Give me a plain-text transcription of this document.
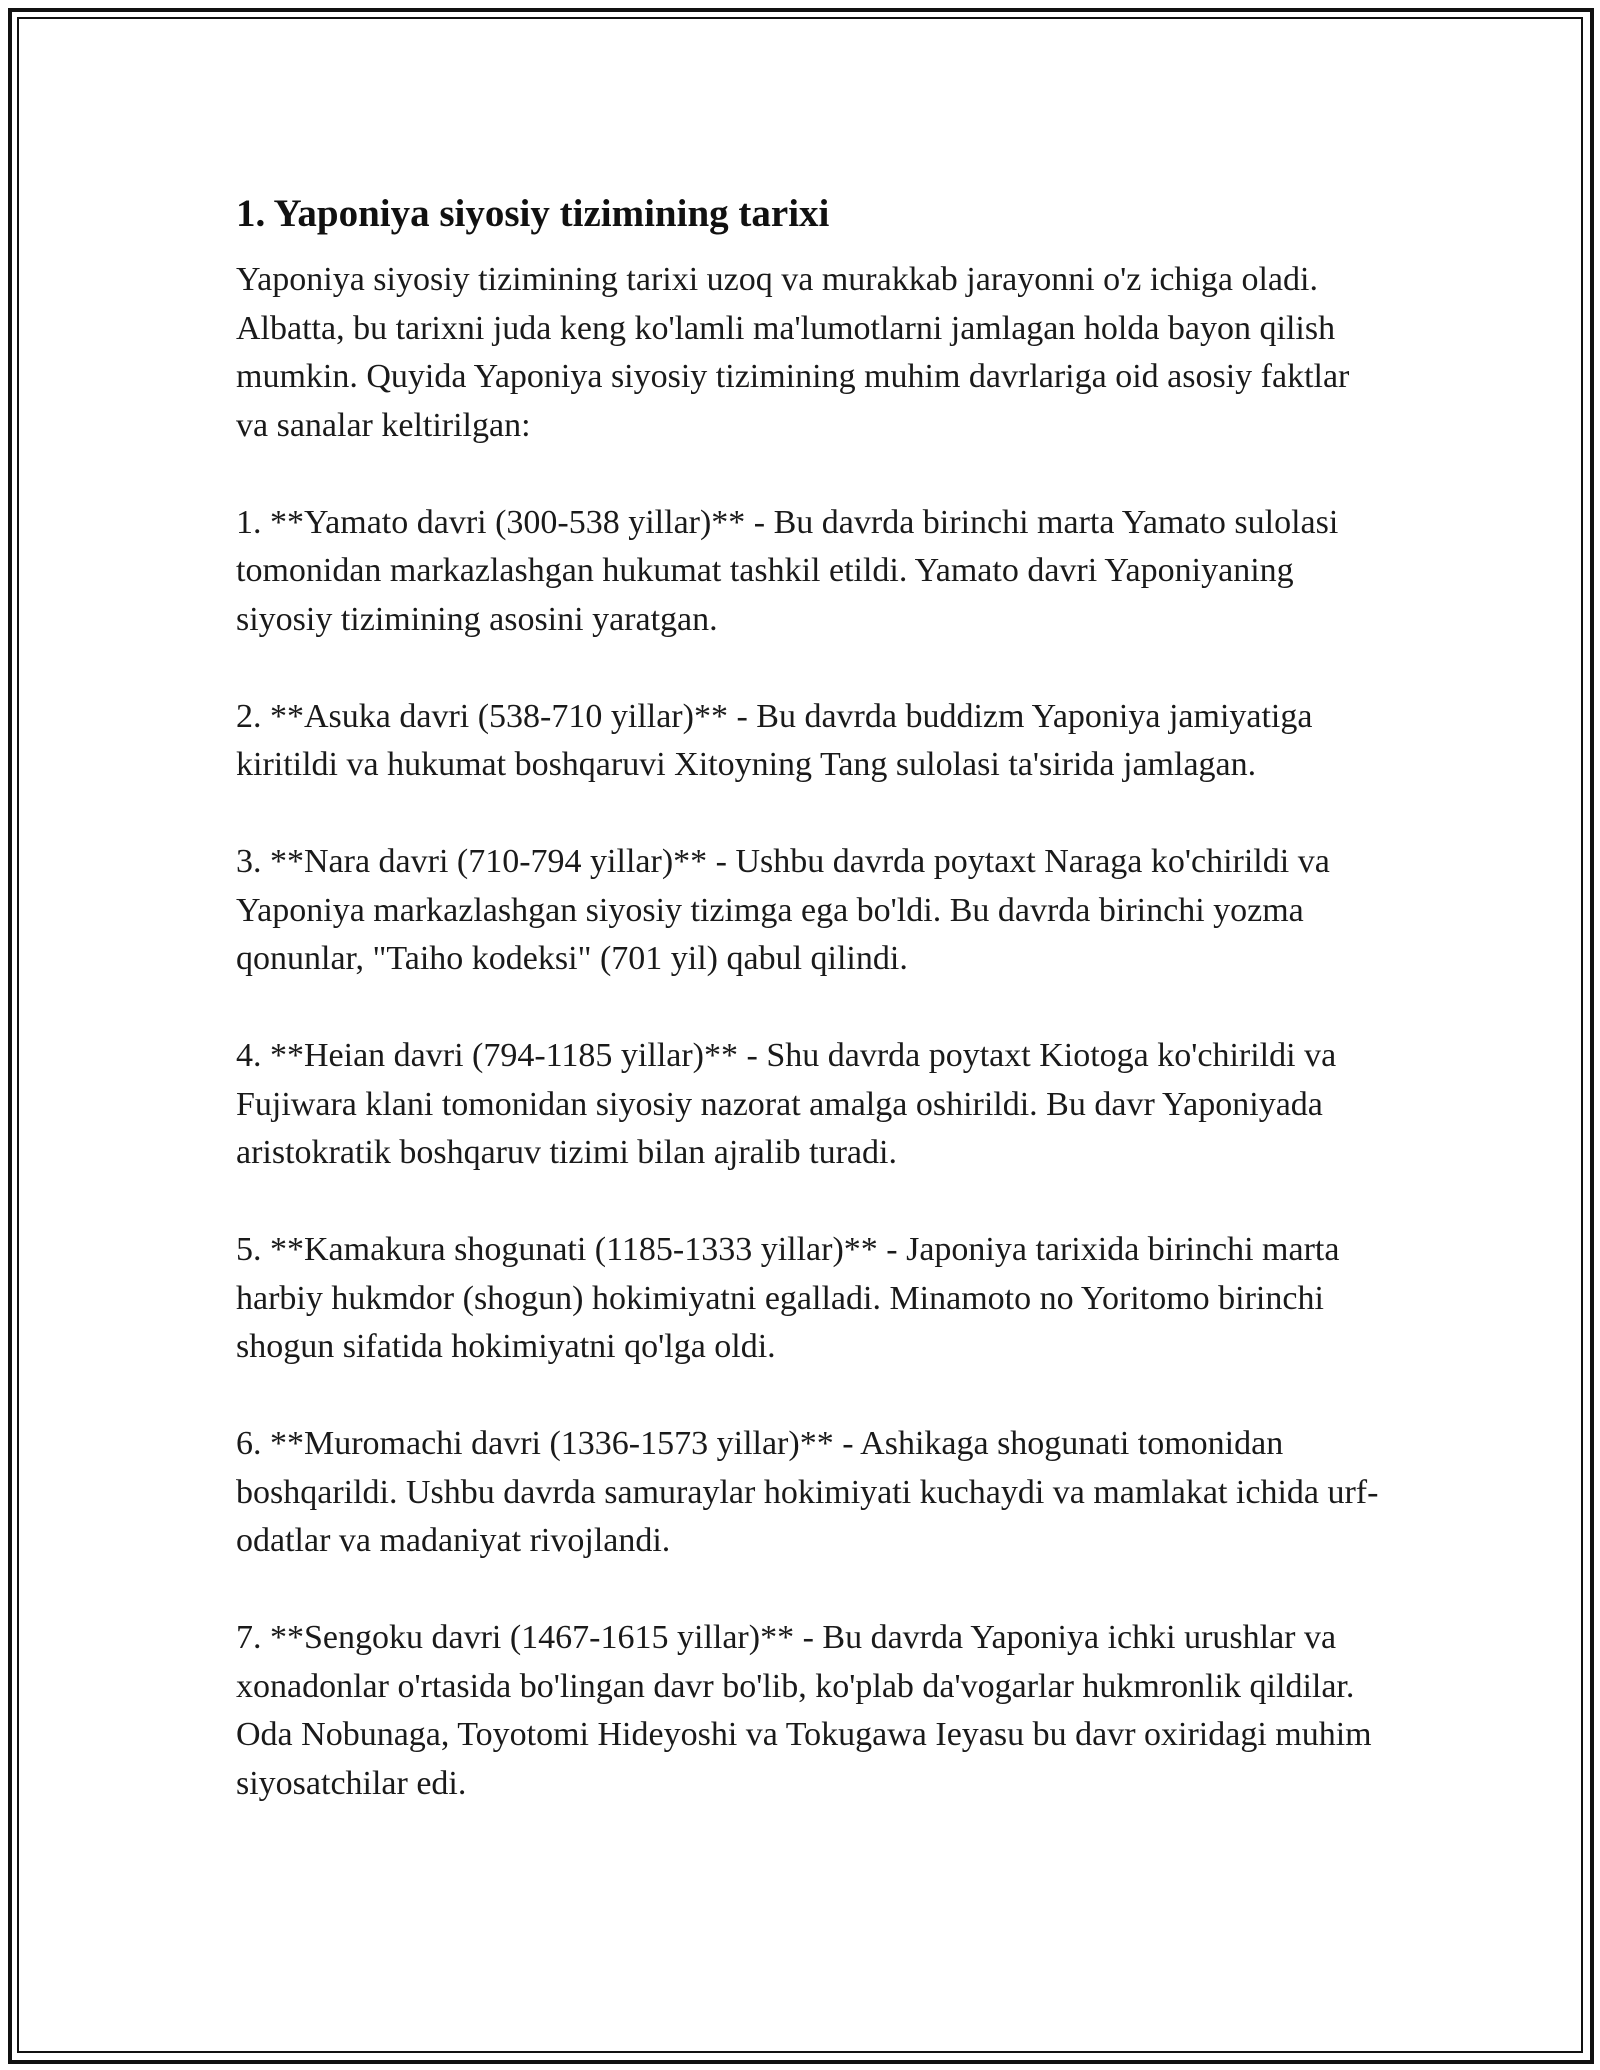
1. Yaponiya siyosiy tizimining tarixi

Yaponiya siyosiy tizimining tarixi uzoq va murakkab jarayonni o'z ichiga oladi. Albatta, bu tarixni juda keng ko'lamli ma'lumotlarni jamlagan holda bayon qilish mumkin. Quyida Yaponiya siyosiy tizimining muhim davrlariga oid asosiy faktlar va sanalar keltirilgan:

1. **Yamato davri (300-538 yillar)** - Bu davrda birinchi marta Yamato sulolasi tomonidan markazlashgan hukumat tashkil etildi. Yamato davri Yaponiyaning siyosiy tizimining asosini yaratgan.

2. **Asuka davri (538-710 yillar)** - Bu davrda buddizm Yaponiya jamiyatiga kiritildi va hukumat boshqaruvi Xitoyning Tang sulolasi ta'sirida jamlagan.

3. **Nara davri (710-794 yillar)** - Ushbu davrda poytaxt Naraga ko'chirildi va Yaponiya markazlashgan siyosiy tizimga ega bo'ldi. Bu davrda birinchi yozma qonunlar, "Taiho kodeksi" (701 yil) qabul qilindi.

4. **Heian davri (794-1185 yillar)** - Shu davrda poytaxt Kiotoga ko'chirildi va Fujiwara klani tomonidan siyosiy nazorat amalga oshirildi. Bu davr Yaponiyada aristokratik boshqaruv tizimi bilan ajralib turadi.

5. **Kamakura shogunati (1185-1333 yillar)** - Japoniya tarixida birinchi marta harbiy hukmdor (shogun) hokimiyatni egalladi. Minamoto no Yoritomo birinchi shogun sifatida hokimiyatni qo'lga oldi.

6. **Muromachi davri (1336-1573 yillar)** - Ashikaga shogunati tomonidan boshqarildi. Ushbu davrda samuraylar hokimiyati kuchaydi va mamlakat ichida urf-odatlar va madaniyat rivojlandi.

7. **Sengoku davri (1467-1615 yillar)** - Bu davrda Yaponiya ichki urushlar va xonadonlar o'rtasida bo'lingan davr bo'lib, ko'plab da'vogarlar hukmronlik qildilar. Oda Nobunaga, Toyotomi Hideyoshi va Tokugawa Ieyasu bu davr oxiridagi muhim siyosatchilar edi.
